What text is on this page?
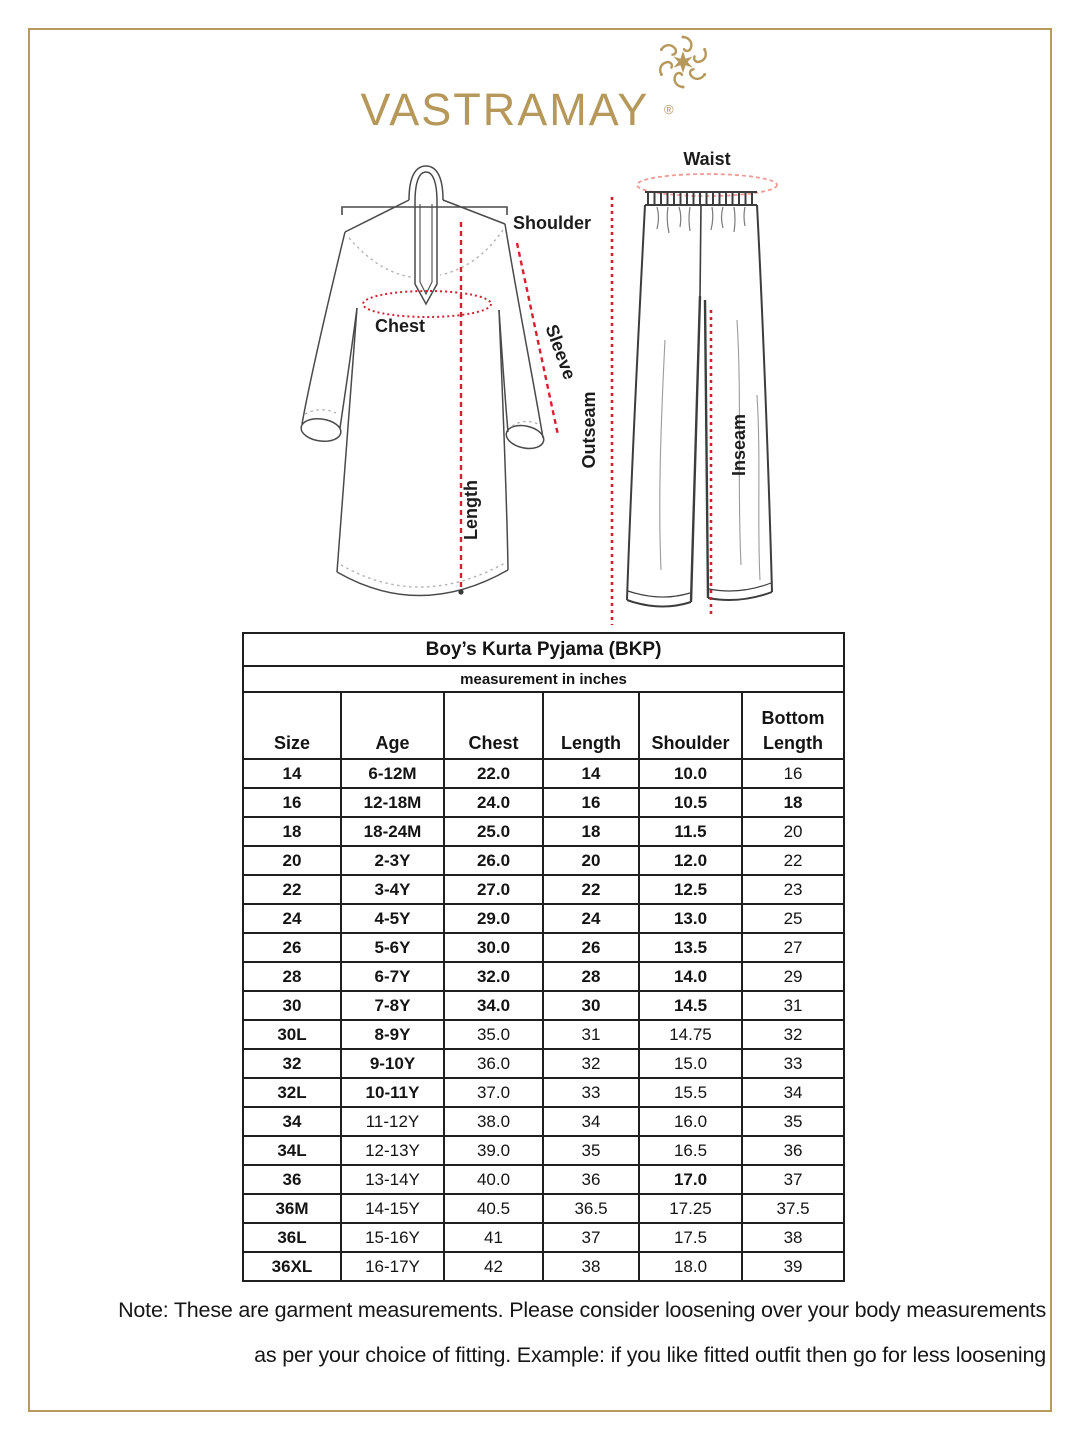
VASTRAMAY	®
Shoulder
Chest	Sleeve
Length
Waist
Outseam	Inseam
Boy’s Kurta Pyjama (BKP)					
measurement in inches					
Size	Age	Chest	Length	Shoulder	Bottom Length
14	6-12M	22.0	14	10.0	16
16	12-18M	24.0	16	10.5	18
18	18-24M	25.0	18	11.5	20
20	2-3Y	26.0	20	12.0	22
22	3-4Y	27.0	22	12.5	23
24	4-5Y	29.0	24	13.0	25
26	5-6Y	30.0	26	13.5	27
28	6-7Y	32.0	28	14.0	29
30	7-8Y	34.0	30	14.5	31
30L	8-9Y	35.0	31	14.75	32
32	9-10Y	36.0	32	15.0	33
32L	10-11Y	37.0	33	15.5	34
34	11-12Y	38.0	34	16.0	35
34L	12-13Y	39.0	35	16.5	36
36	13-14Y	40.0	36	17.0	37
36M	14-15Y	40.5	36.5	17.25	37.5
36L	15-16Y	41	37	17.5	38
36XL	16-17Y	42	38	18.0	39
Note: These are garment measurements. Please consider loosening over your body measurements
as per your choice of fitting. Example: if you like fitted outfit then go for less loosening
